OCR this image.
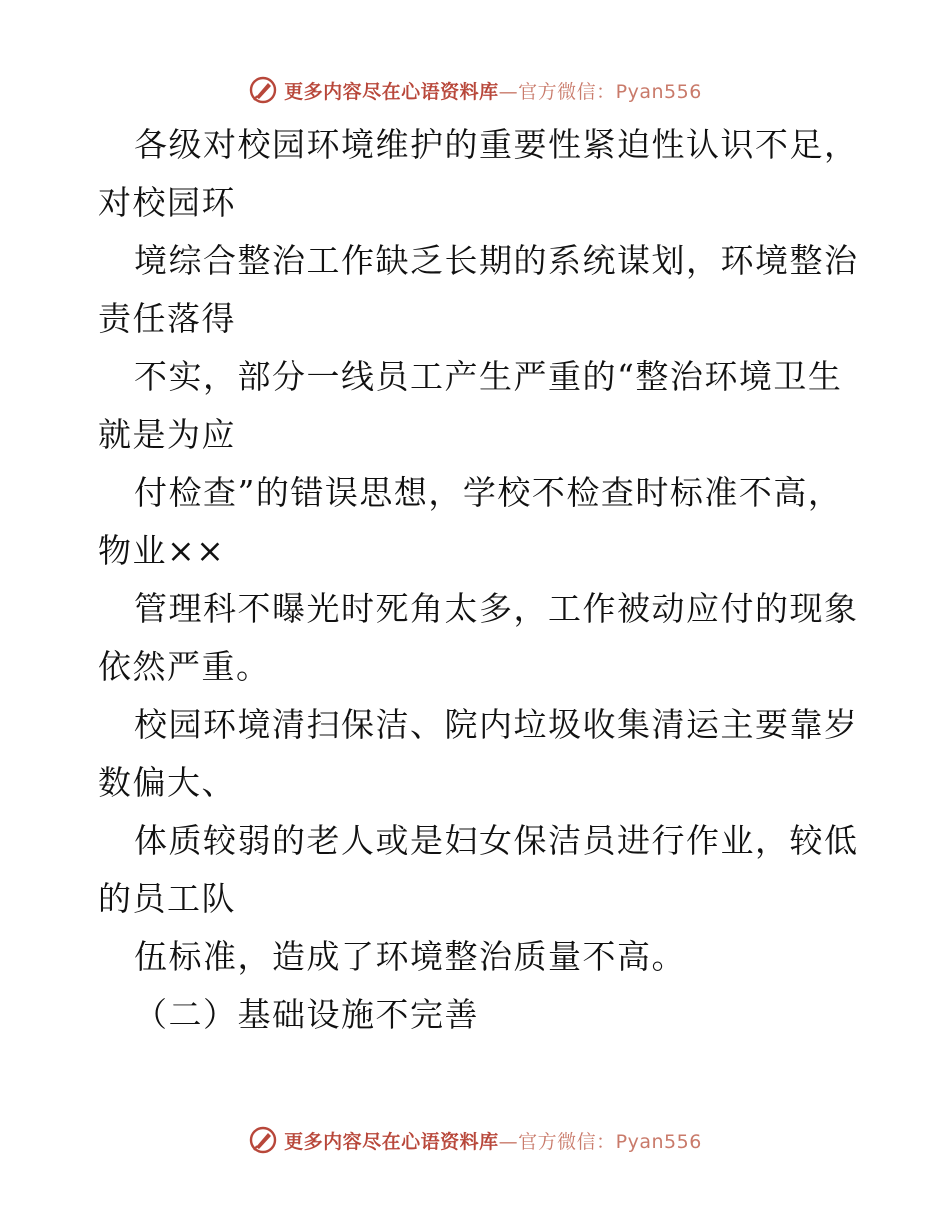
更多内容尽在心语资料库—官方微信：Pyan556
各级对校园环境维护的重要性紧迫性认识不足，
对校园环
境综合整治工作缺乏长期的系统谋划，环境整治
责任落得
不实，部分一线员工产生严重的“整治环境卫生
就是为应
付检查”的错误思想，学校不检查时标准不高，
物业××
管理科不曝光时死角太多，工作被动应付的现象
依然严重。
校园环境清扫保洁、院内垃圾收集清运主要靠岁
数偏大、
体质较弱的老人或是妇女保洁员进行作业，较低
的员工队
伍标准，造成了环境整治质量不高。
（二）基础设施不完善
更多内容尽在心语资料库—官方微信：Pyan556
